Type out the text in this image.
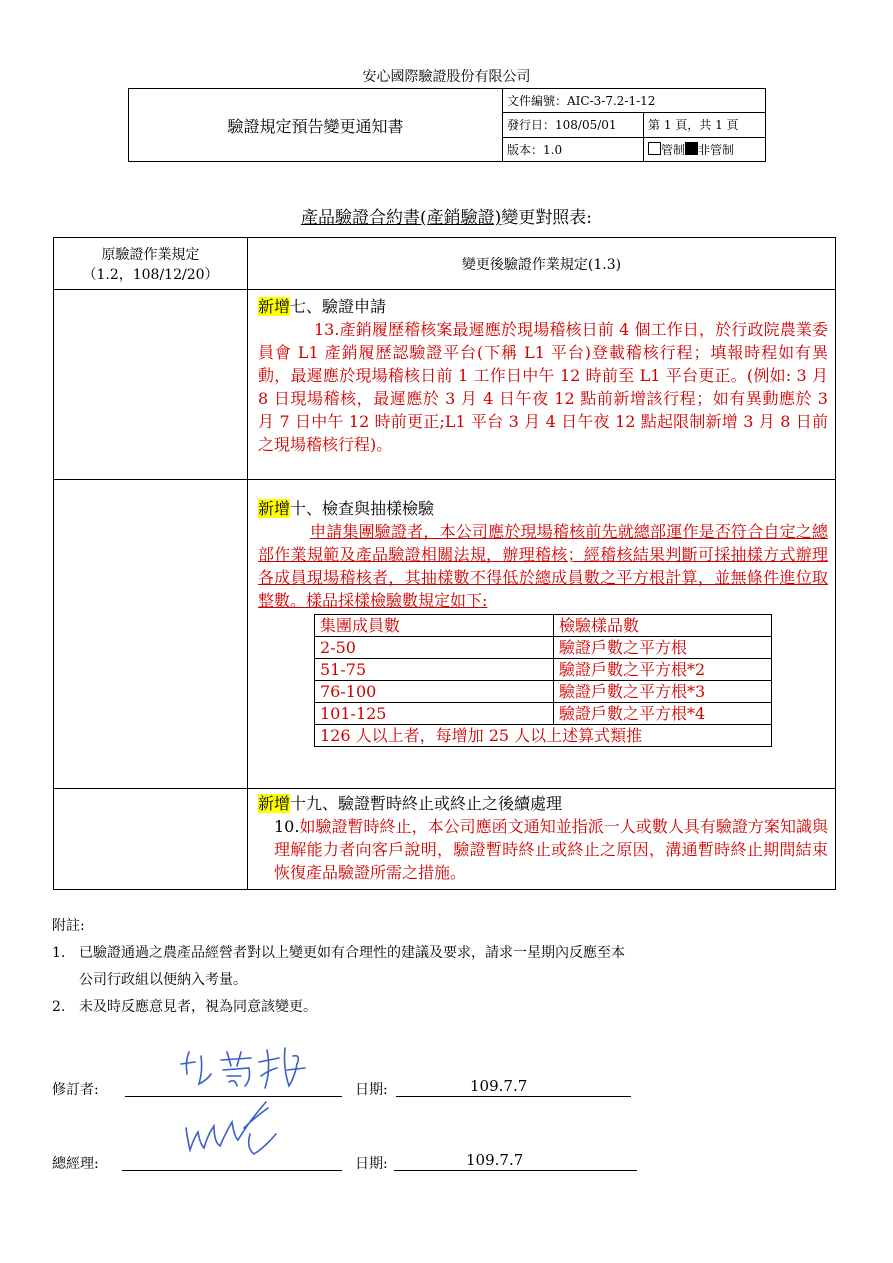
安心國際驗證股份有限公司
驗證規定預告變更通知書	文件編號：AIC-3-7.2-1-12	
	發行日：108/05/01	第 1 頁，共 1 頁
	版本：1.0	管制 非管制
產品驗證合約書(產銷驗證)變更對照表:
原驗證作業規定
（1.2，108/12/20）
	變更後驗證作業規定(1.3)

新增七、驗證申請
13.產銷履歷稽核案最遲應於現場稽核日前 4 個工作日，於行政院農業委員會 L1 產銷履歷認驗證平台(下稱 L1 平台)登載稽核行程；填報時程如有異動，最遲應於現場稽核日前 1 工作日中午 12 時前至 L1 平台更正。(例如: 3 月 8 日現場稽核，最遲應於 3 月 4 日午夜 12 點前新增該行程；如有異動應於 3 月 7 日中午 12 時前更正;L1 平台 3 月 4 日午夜 12 點起限制新增 3 月 8 日前之現場稽核行程)。

新增十、檢查與抽樣檢驗
申請集團驗證者，本公司應於現場稽核前先就總部運作是否符合自定之總部作業規範及產品驗證相關法規，辦理稽核；經稽核結果判斷可採抽樣方式辦理各成員現場稽核者，其抽樣數不得低於總成員數之平方根計算，並無條件進位取整數。樣品採樣檢驗數規定如下:
集團成員數	檢驗樣品數
2-50	驗證戶數之平方根
51-75	驗證戶數之平方根*2
76-100	驗證戶數之平方根*3
101-125	驗證戶數之平方根*4
126 人以上者，每增加 25 人以上述算式類推

新增十九、驗證暫時終止或終止之後續處理
10.如驗證暫時終止，本公司應函文通知並指派一人或數人具有驗證方案知識與理解能力者向客戶說明，驗證暫時終止或終止之原因，溝通暫時終止期間結束恢復產品驗證所需之措施。
附註:
1. 已驗證通過之農產品經營者對以上變更如有合理性的建議及要求，請求一星期內反應至本
公司行政組以便納入考量。
2. 未及時反應意見者，視為同意該變更。
修訂者:	日期:	109.7.7
總經理:	日期:	109.7.7
